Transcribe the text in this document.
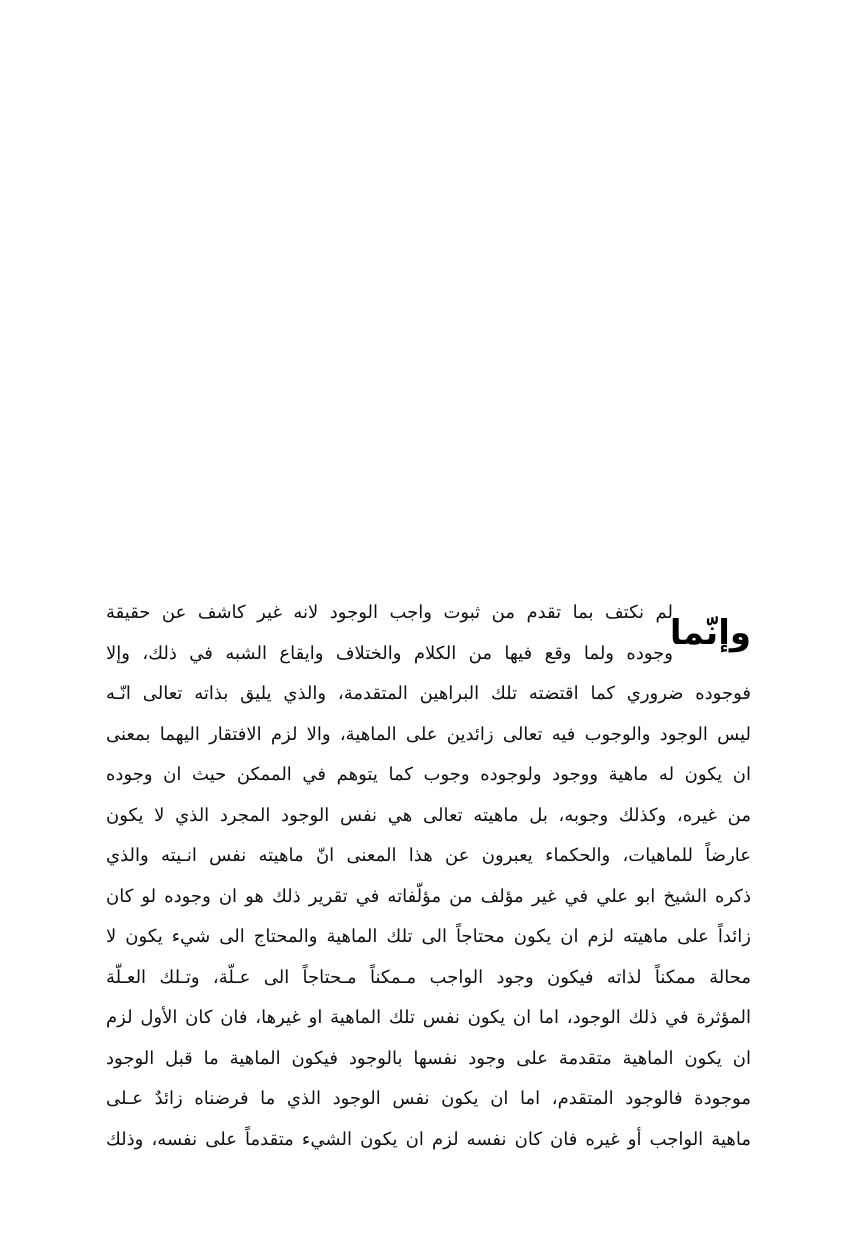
وإنّما
لم نكتف بما تقدم من ثبوت واجب الوجود لانه غير كاشف عن حقيقة
وجوده ولما وقع فيها من الكلام والختلاف وايقاع الشبه في ذلك، وإلا
فوجوده ضروري كما اقتضته تلك البراهين المتقدمة، والذي يليق بذاته تعالى انّـه
ليس الوجود والوجوب فيه تعالى زائدين على الماهية، والا لزم الافتقار اليهما بمعنى
ان يكون له ماهية ووجود ولوجوده وجوب كما يتوهم في الممكن حيث ان وجوده
من غيره، وكذلك وجوبه، بل ماهيته تعالى هي نفس الوجود المجرد الذي لا يكون
عارضاً للماهيات، والحكماء يعبرون عن هذا المعنى انّ ماهيته نفس انـيته والذي
ذكره الشيخ ابو علي في غير مؤلف من مؤلّفاته في تقرير ذلك هو ان وجوده لو كان
زائداً على ماهيته لزم ان يكون محتاجاً الى تلك الماهية والمحتاج الى شيء يكون لا
محالة ممكناً لذاته فيكون وجود الواجب مـمكناً مـحتاجاً الى عـلّة، وتـلك العـلّة
المؤثرة في ذلك الوجود، اما ان يكون نفس تلك الماهية او غيرها، فان كان الأول لزم
ان يكون الماهية متقدمة على وجود نفسها بالوجود فيكون الماهية ما قبل الوجود
موجودة فالوجود المتقدم، اما ان يكون نفس الوجود الذي ما فرضناه زائدٌ عـلى
ماهية الواجب أو غيره فان كان نفسه لزم ان يكون الشيء متقدماً على نفسه، وذلك
